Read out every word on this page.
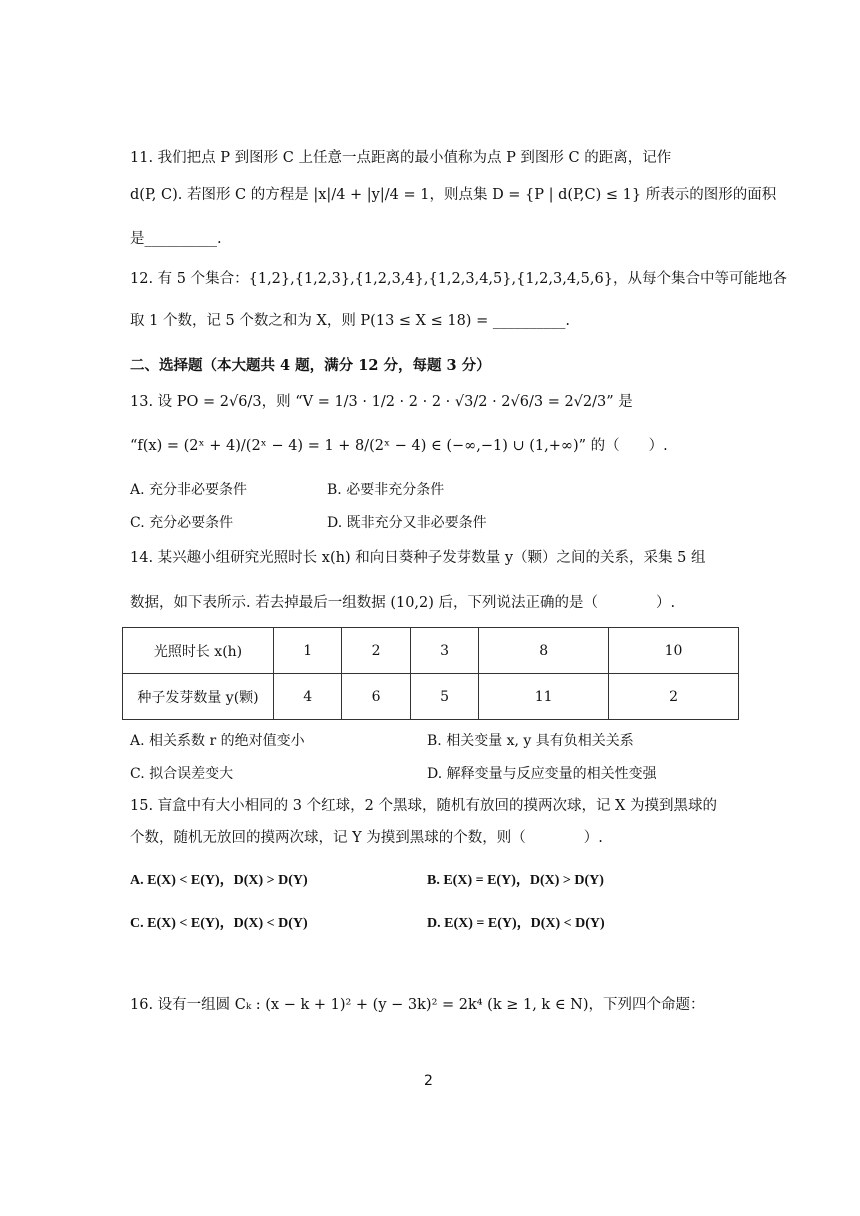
11. 我们把点 P 到图形 C 上任意一点距离的最小值称为点 P 到图形 C 的距离，记作
d(P, C). 若图形 C 的方程是 |x|/4 + |y|/4 = 1，则点集 D = {P | d(P,C) ≤ 1} 所表示的图形的面积
是__________.
12. 有 5 个集合：{1,2},{1,2,3},{1,2,3,4},{1,2,3,4,5},{1,2,3,4,5,6}，从每个集合中等可能地各
取 1 个数，记 5 个数之和为 X，则 P(13 ≤ X ≤ 18) = __________.
二、选择题（本大题共 4 题，满分 12 分，每题 3 分）
13. 设 PO = 2√6/3，则 “V = 1/3 · 1/2 · 2 · 2 · √3/2 · 2√6/3 = 2√2/3” 是
“f(x) = (2ˣ + 4)/(2ˣ − 4) = 1 + 8/(2ˣ − 4) ∈ (−∞,−1) ∪ (1,+∞)” 的（　　）.
A. 充分非必要条件	B. 必要非充分条件
C. 充分必要条件	D. 既非充分又非必要条件
14. 某兴趣小组研究光照时长 x(h) 和向日葵种子发芽数量 y（颗）之间的关系，采集 5 组
数据，如下表所示. 若去掉最后一组数据 (10,2) 后，下列说法正确的是（　　　　）.
光照时长 x(h)	1	2	3	8	10
种子发芽数量 y(颗)	4	6	5	11	2
A. 相关系数 r 的绝对值变小	B. 相关变量 x, y 具有负相关关系
C. 拟合误差变大	D. 解释变量与反应变量的相关性变强
15. 盲盒中有大小相同的 3 个红球，2 个黑球，随机有放回的摸两次球，记 X 为摸到黑球的
个数，随机无放回的摸两次球，记 Y 为摸到黑球的个数，则（　　　　）.
A. E(X) < E(Y)，D(X) > D(Y)	B. E(X) = E(Y)，D(X) > D(Y)
C. E(X) < E(Y)，D(X) < D(Y)	D. E(X) = E(Y)，D(X) < D(Y)
16. 设有一组圆 Cₖ : (x − k + 1)² + (y − 3k)² = 2k⁴ (k ≥ 1, k ∈ N)，下列四个命题：
2
